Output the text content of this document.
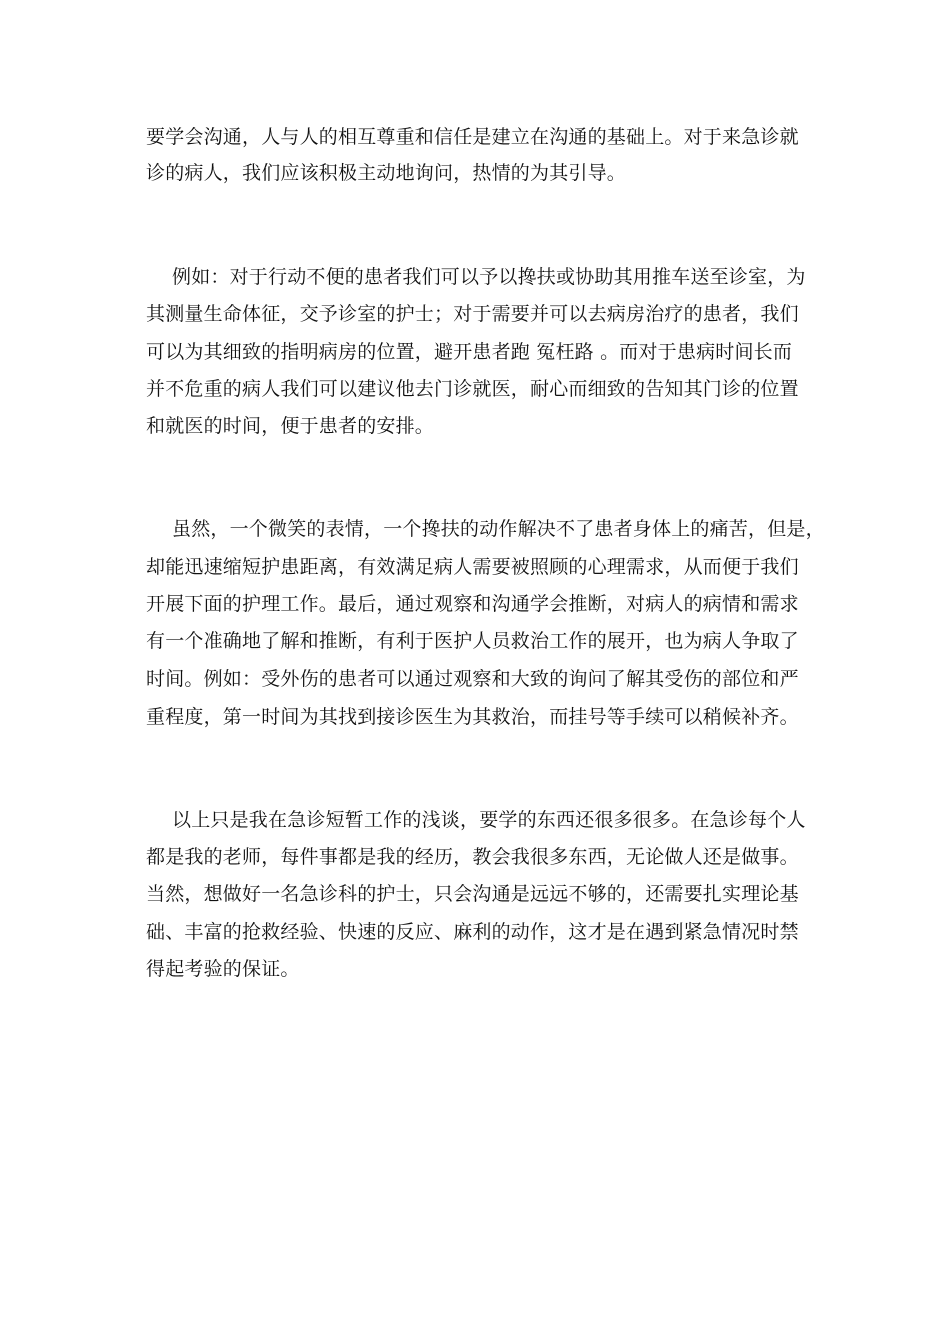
要学会沟通，人与人的相互尊重和信任是建立在沟通的基础上。对于来急诊就
诊的病人，我们应该积极主动地询问，热情的为其引导。
例如：对于行动不便的患者我们可以予以搀扶或协助其用推车送至诊室，为
其测量生命体征，交予诊室的护士；对于需要并可以去病房治疗的患者，我们
可以为其细致的指明病房的位置，避开患者跑 冤枉路 。而对于患病时间长而
并不危重的病人我们可以建议他去门诊就医，耐心而细致的告知其门诊的位置
和就医的时间，便于患者的安排。
虽然，一个微笑的表情，一个搀扶的动作解决不了患者身体上的痛苦，但是，
却能迅速缩短护患距离，有效满足病人需要被照顾的心理需求，从而便于我们
开展下面的护理工作。最后，通过观察和沟通学会推断，对病人的病情和需求
有一个准确地了解和推断，有利于医护人员救治工作的展开，也为病人争取了
时间。例如：受外伤的患者可以通过观察和大致的询问了解其受伤的部位和严
重程度，第一时间为其找到接诊医生为其救治，而挂号等手续可以稍候补齐。
以上只是我在急诊短暂工作的浅谈，要学的东西还很多很多。在急诊每个人
都是我的老师，每件事都是我的经历，教会我很多东西，无论做人还是做事。
当然，想做好一名急诊科的护士，只会沟通是远远不够的，还需要扎实理论基
础、丰富的抢救经验、快速的反应、麻利的动作，这才是在遇到紧急情况时禁
得起考验的保证。
